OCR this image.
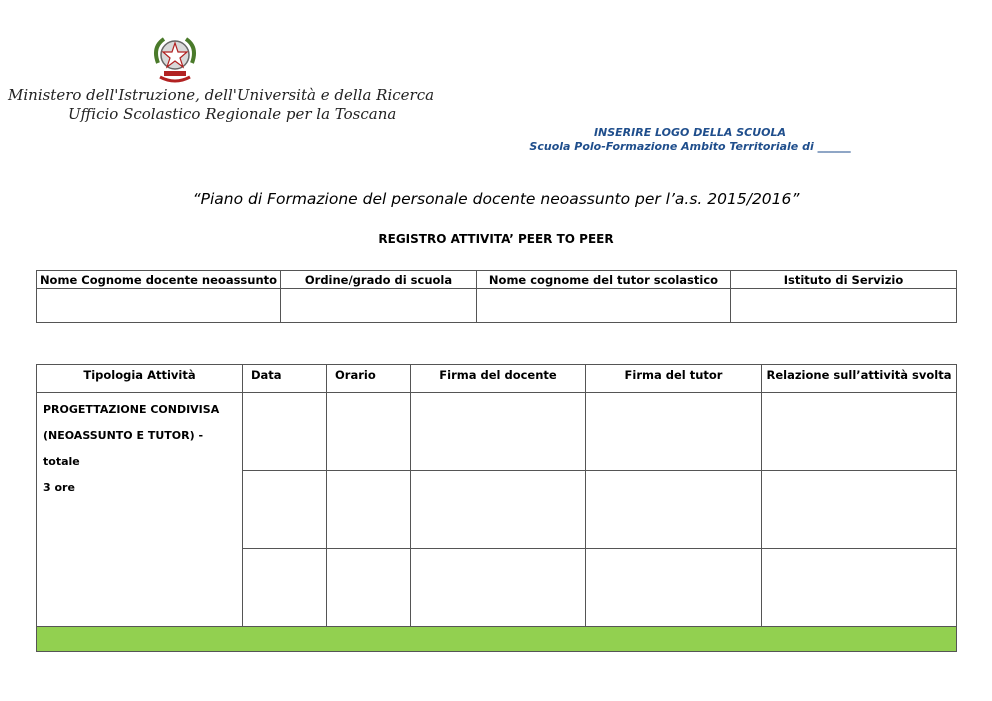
Ministero dell'Istruzione, dell'Università e della Ricerca
Ufficio Scolastico Regionale per la Toscana
INSERIRE LOGO DELLA SCUOLA
Scuola Polo-Formazione Ambito Territoriale di ______
“Piano di Formazione del personale docente neoassunto per l’a.s. 2015/2016”
REGISTRO ATTIVITA’ PEER TO PEER
Nome Cognome docente neoassunto	Ordine/grado di scuola	Nome cognome del tutor scolastico	Istituto di Servizio

Tipologia Attività	Data	Orario	Firma del docente	Firma del tutor	Relazione sull’attività svolta

PROGETTAZIONE CONDIVISA
(NEOASSUNTO E TUTOR) - totale
3 ore					
